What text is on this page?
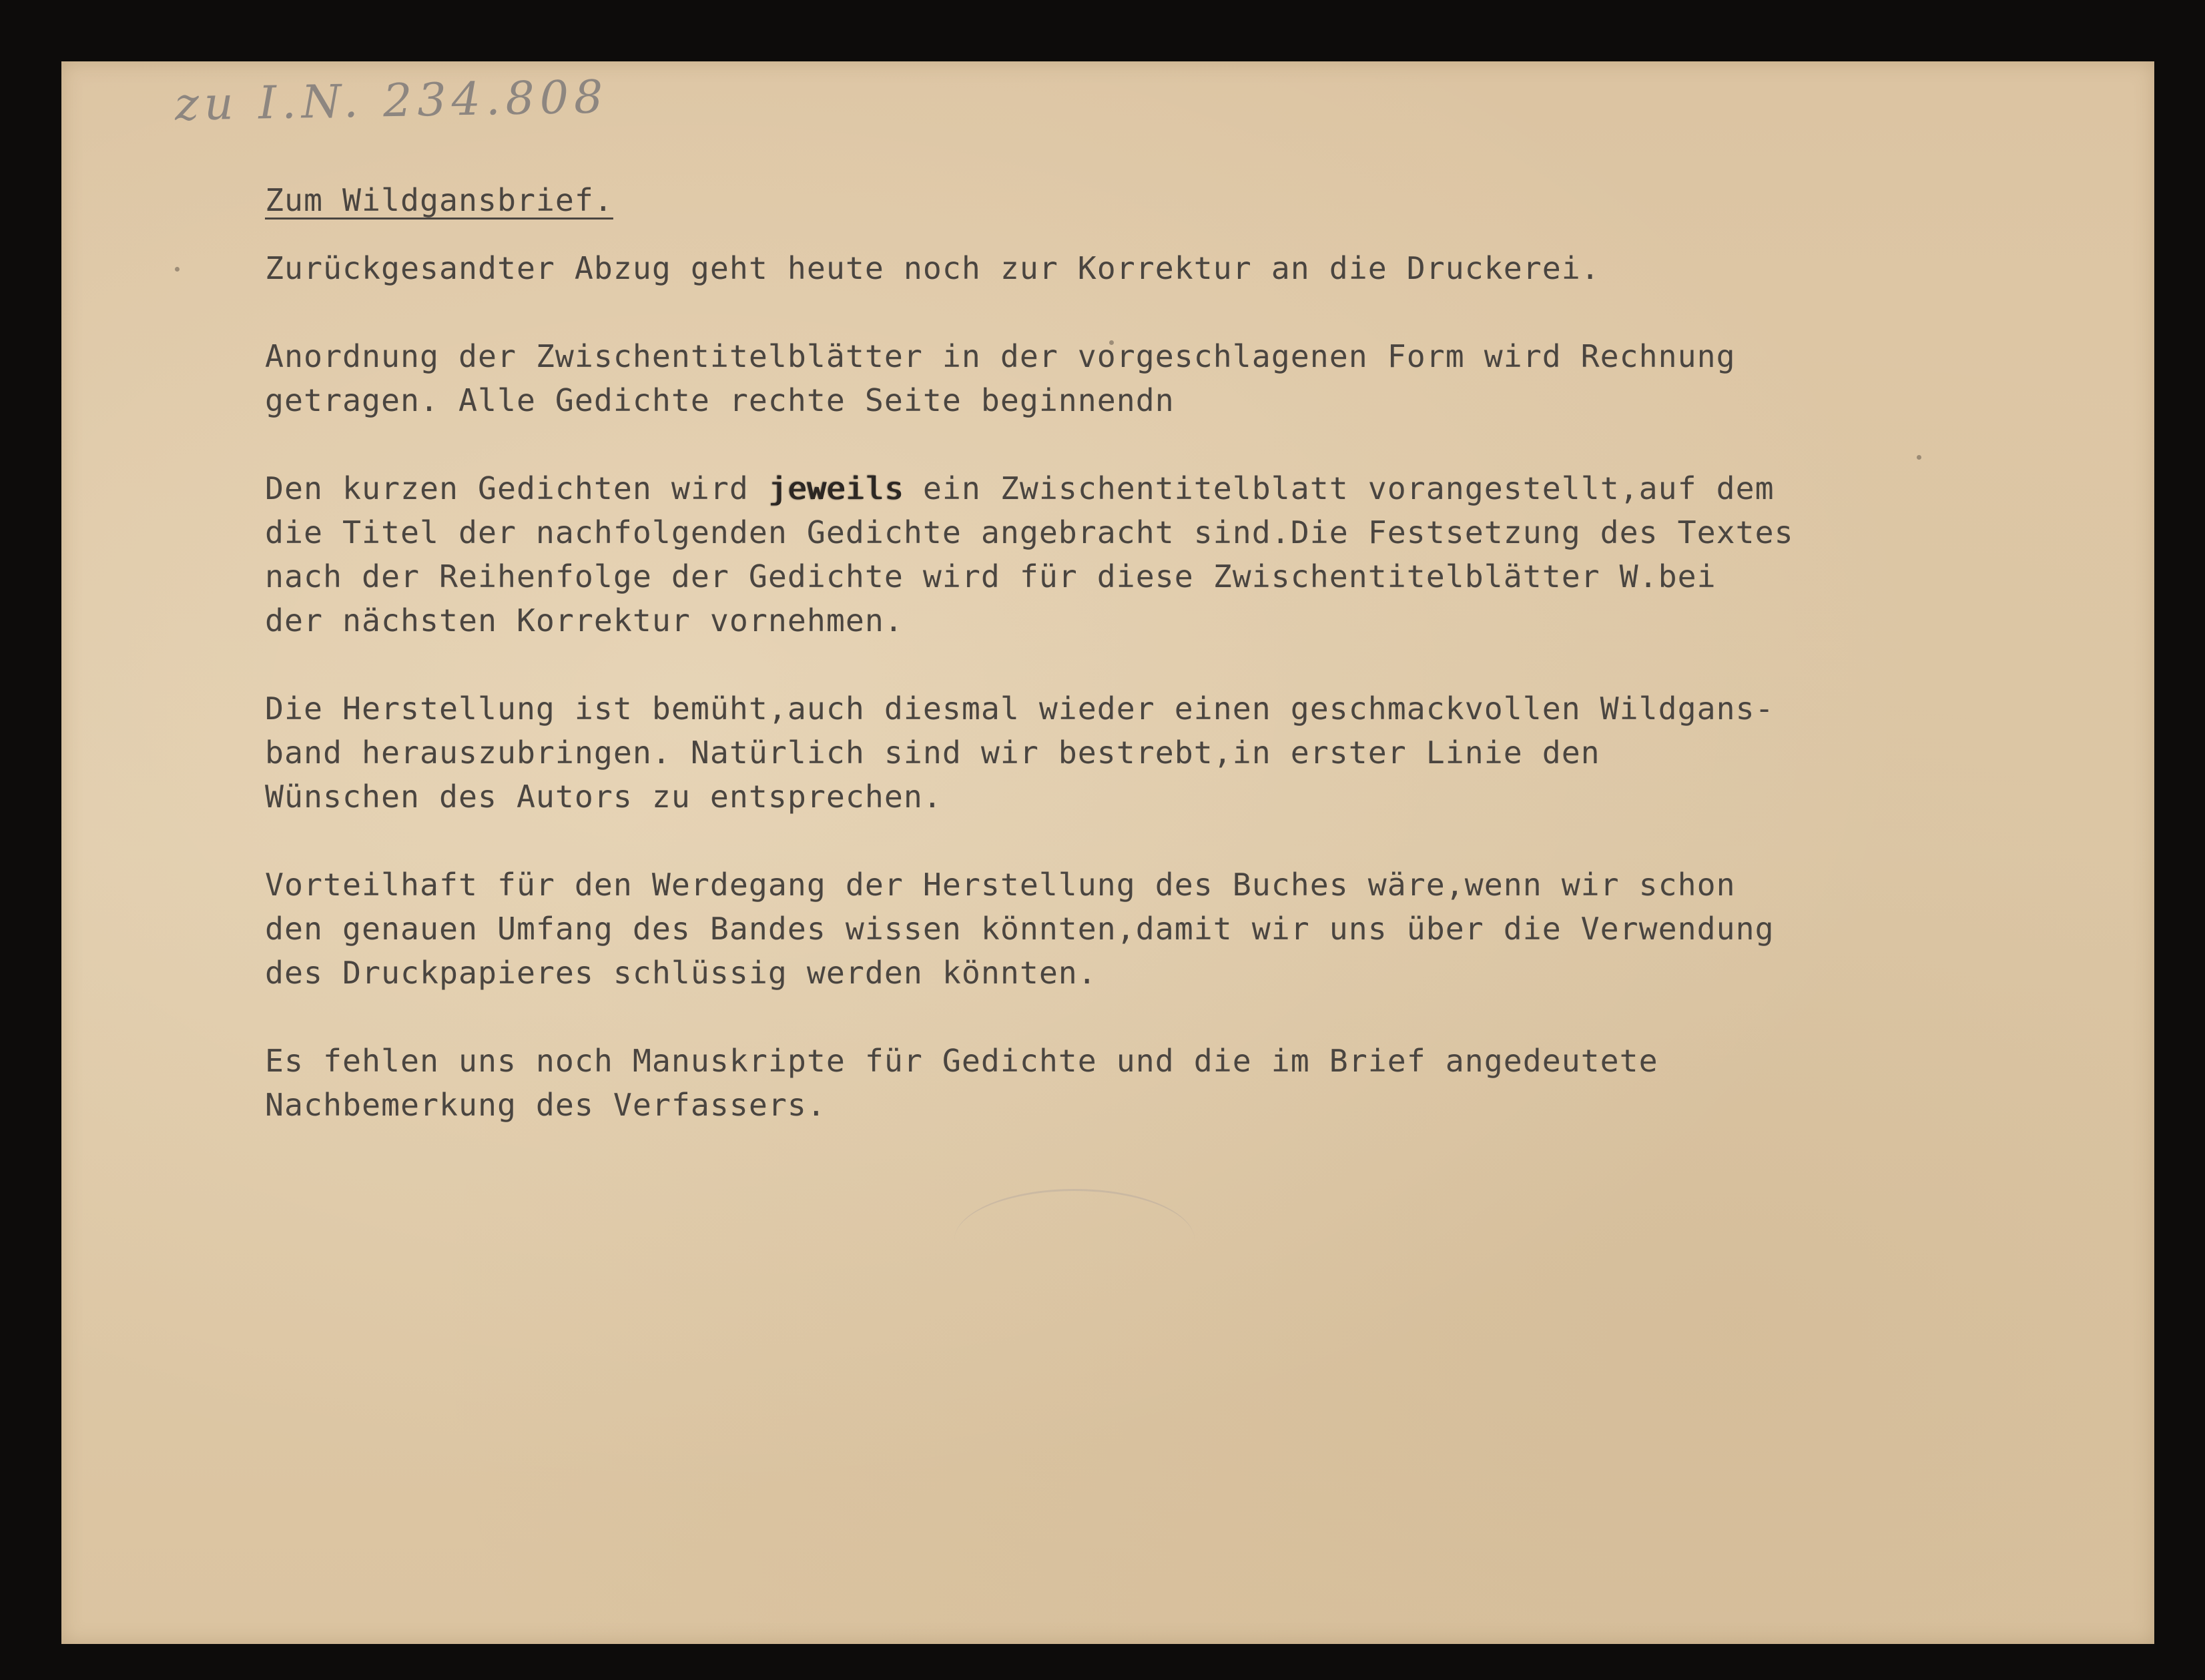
zu I.N. 234.808
Zum Wildgansbrief.
Zurückgesandter Abzug geht heute noch zur Korrektur an die Druckerei.
Anordnung der Zwischentitelblätter in der vorgeschlagenen Form wird Rechnung
getragen. Alle Gedichte rechte Seite beginnendn
Den kurzen Gedichten wird jeweils ein Zwischentitelblatt vorangestellt,auf dem
die Titel der nachfolgenden Gedichte angebracht sind.Die Festsetzung des Textes
nach der Reihenfolge der Gedichte wird für diese Zwischentitelblätter W.bei
der nächsten Korrektur vornehmen.
Die Herstellung ist bemüht,auch diesmal wieder einen geschmackvollen Wildgans-
band herauszubringen. Natürlich sind wir bestrebt,in erster Linie den
Wünschen des Autors zu entsprechen.
Vorteilhaft für den Werdegang der Herstellung des Buches wäre,wenn wir schon
den genauen Umfang des Bandes wissen könnten,damit wir uns über die Verwendung
des Druckpapieres schlüssig werden könnten.
Es fehlen uns noch Manuskripte für Gedichte und die im Brief angedeutete
Nachbemerkung des Verfassers.
